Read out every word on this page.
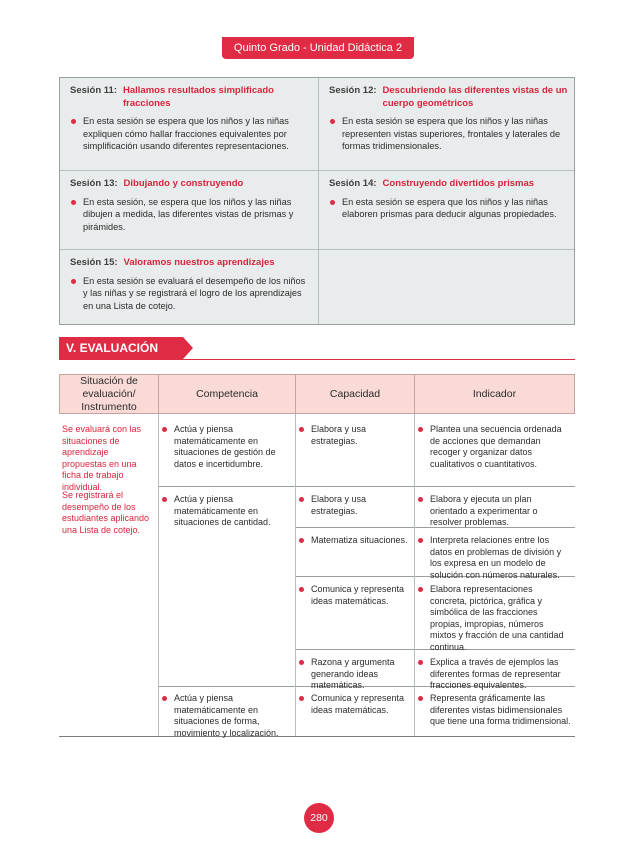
Quinto Grado - Unidad Didáctica 2
Sesión 11: Hallamos resultados simplificado fracciones
En esta sesión se espera que los niños y las niñas expliquen cómo hallar fracciones equivalentes por simplificación usando diferentes representaciones.
Sesión 12: Descubriendo las diferentes vistas de un cuerpo geométricos
En esta sesión se espera que los niños y las niñas representen vistas superiores, frontales y laterales de formas tridimensionales.
Sesión 13: Dibujando y construyendo
En esta sesión, se espera que los niños y las niñas dibujen a medida, las diferentes vistas de prismas y pirámides.
Sesión 14: Construyendo divertidos prismas
En esta sesión se espera que los niños y las niñas elaboren prismas para deducir algunas propiedades.
Sesión 15: Valoramos nuestros aprendizajes
En esta sesión se evaluará el desempeño de los niños y las niñas y se registrará el logro de los aprendizajes en una Lista de cotejo.
V. EVALUACIÓN
Situación de evaluación/ Instrumento
Competencia	Capacidad	Indicador
Se evaluará con las situaciones de aprendizaje propuestas en una ficha de trabajo individual.
Se registrará el desempeño de los estudiantes aplicando una Lista de cotejo.
Actúa y piensa matemáticamente en situaciones de gestión de datos e incertidumbre.
Actúa y piensa matemáticamente en situaciones de cantidad.
Actúa y piensa matemáticamente en situaciones de forma, movimiento y localización.
Elabora y usa estrategias.
Elabora y usa estrategias.
Matematiza situaciones.
Comunica y representa ideas matemáticas.
Razona y argumenta generando ideas matemáticas.
Comunica y representa ideas matemáticas.
Plantea una secuencia ordenada de acciones que demandan recoger y organizar datos cualitativos o cuantitativos.
Elabora y ejecuta un plan orientado a experimentar o resolver problemas.
Interpreta relaciones entre los datos en problemas de división y los expresa en un modelo de solución con números naturales.
Elabora representaciones concreta, pictórica, gráfica y simbólica de las fracciones propias, impropias, números mixtos y fracción de una cantidad continua.
Explica a través de ejemplos las diferentes formas de representar fracciones equivalentes.
Representa gráficamente las diferentes vistas bidimensionales que tiene una forma tridimensional.
280
